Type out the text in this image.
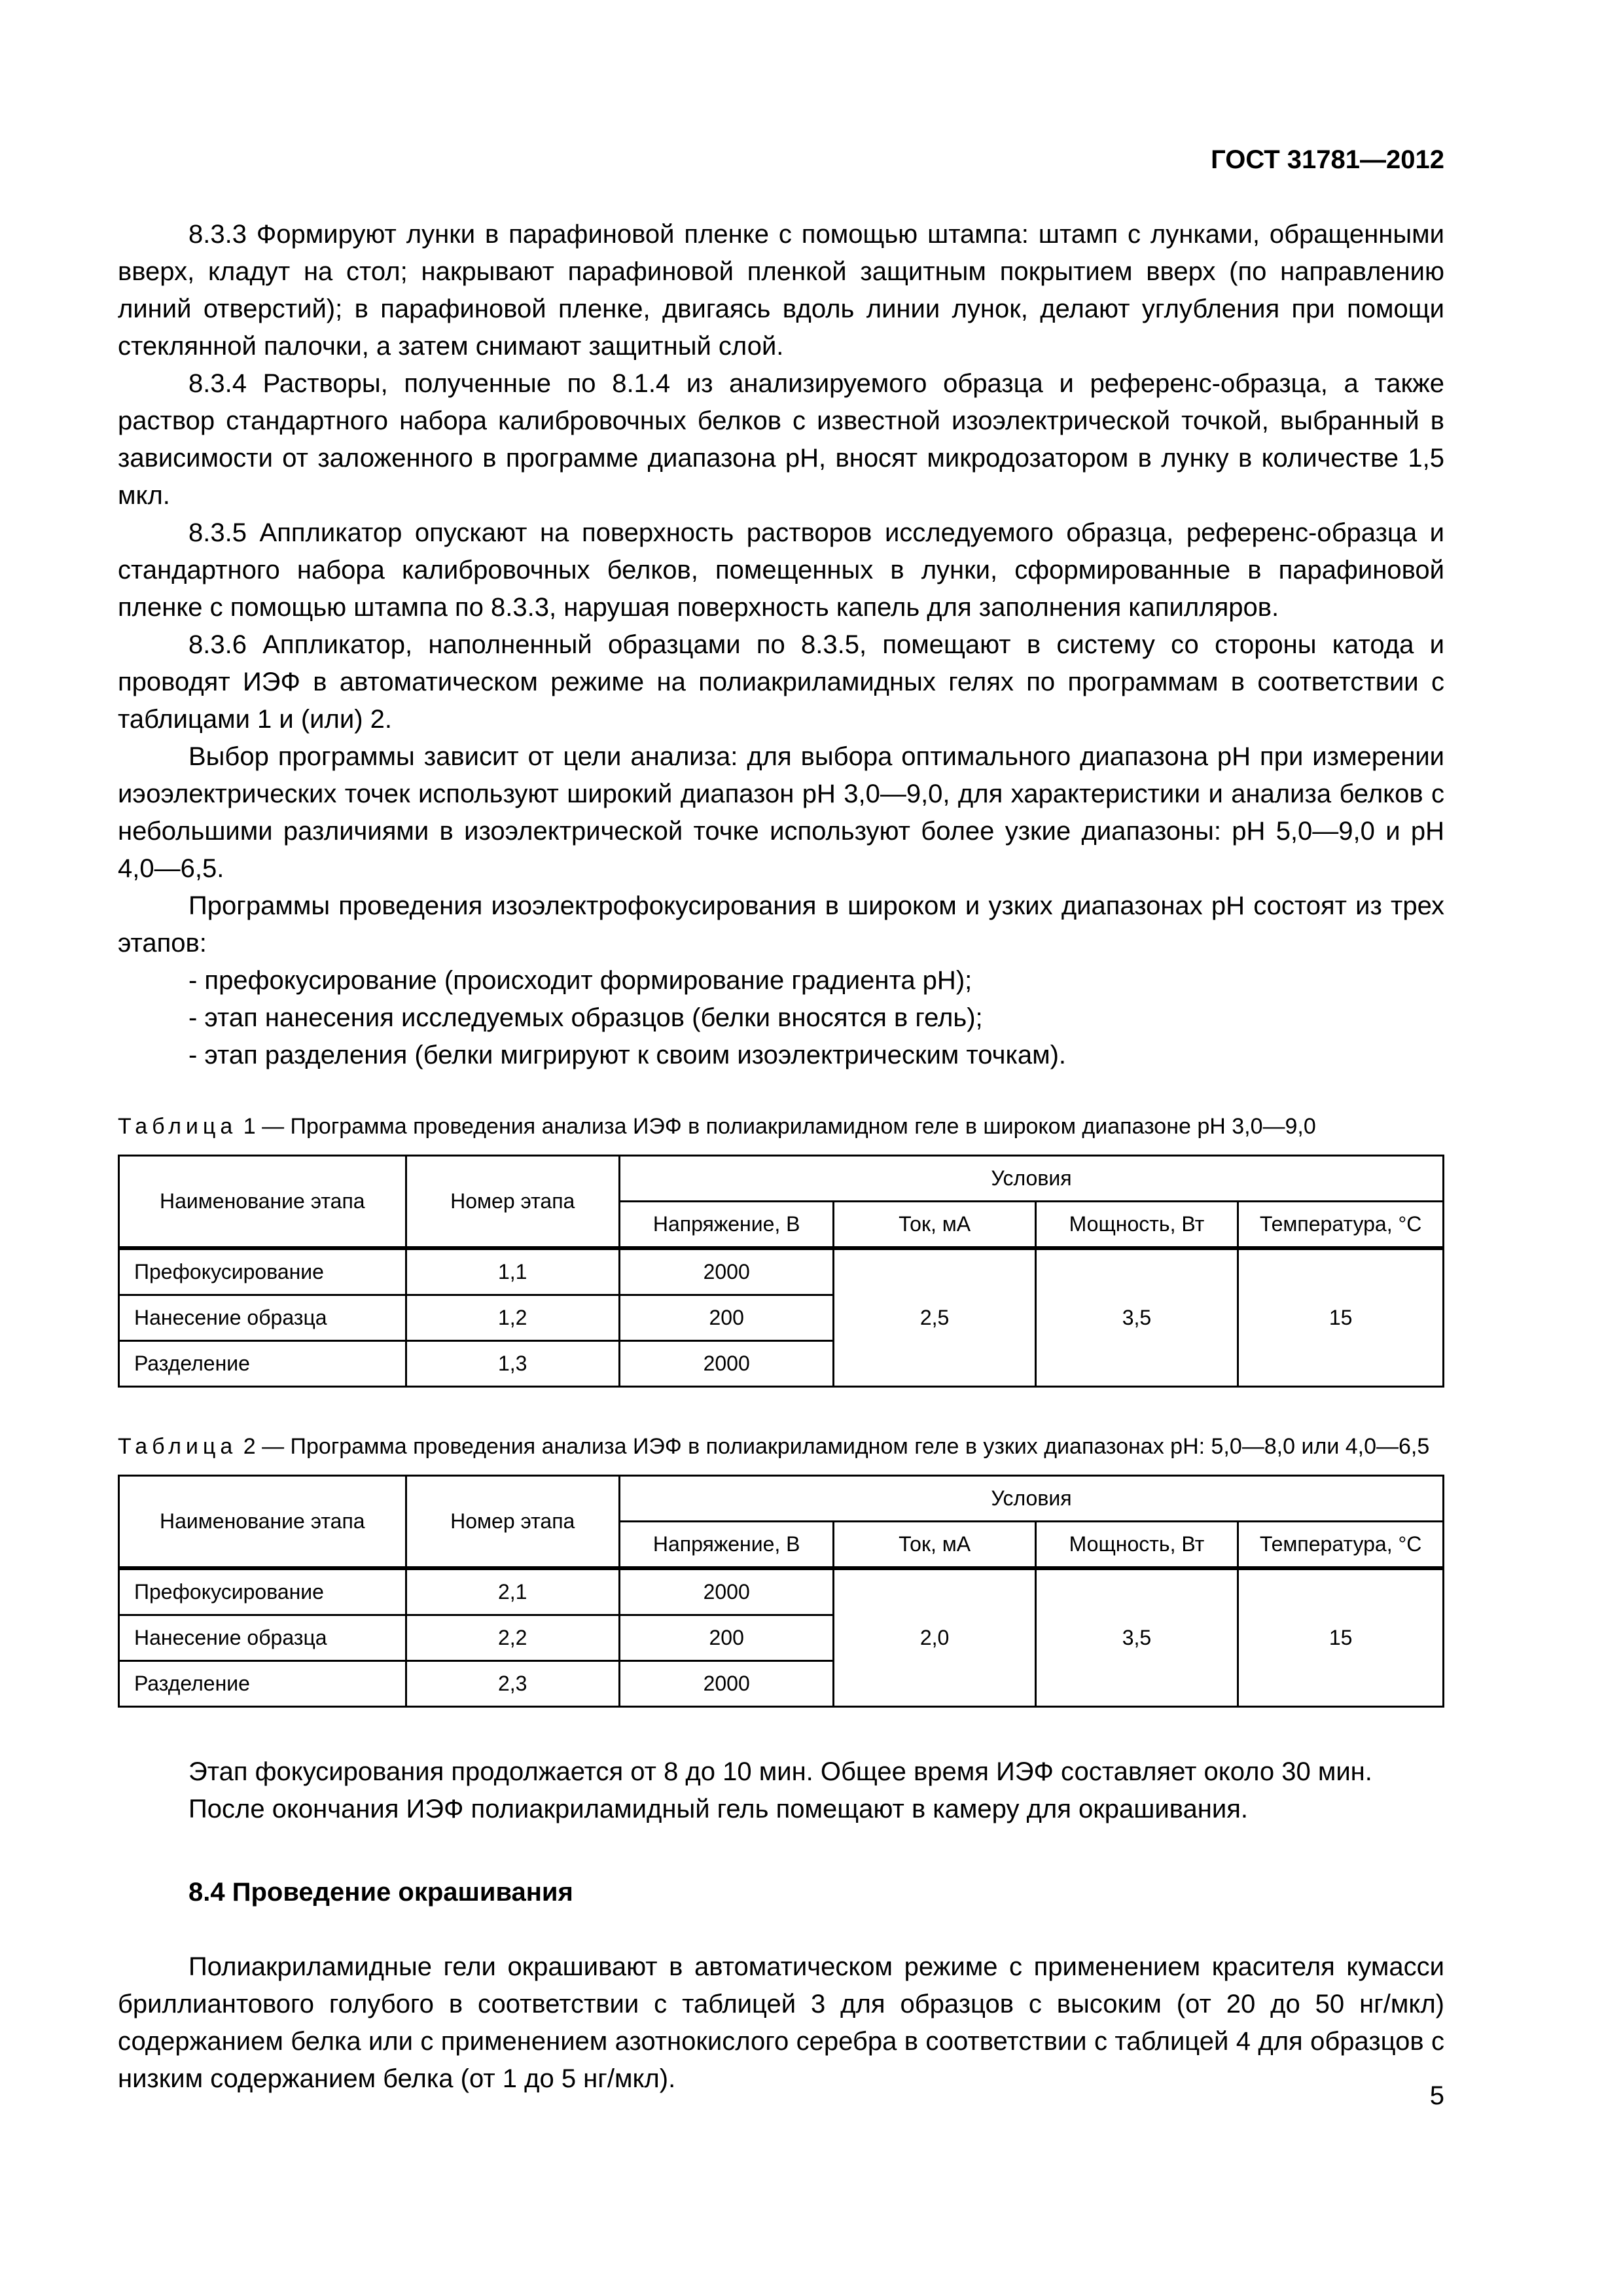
ГОСТ 31781—2012

8.3.3 Формируют лунки в парафиновой пленке с помощью штампа: штамп с лунками, обращенными вверх, кладут на стол; накрывают парафиновой пленкой защитным покрытием вверх (по направлению линий отверстий); в парафиновой пленке, двигаясь вдоль линии лунок, делают углубления при помощи стеклянной палочки, а затем снимают защитный слой.

8.3.4 Растворы, полученные по 8.1.4 из анализируемого образца и референс-образца, а также раствор стандартного набора калибровочных белков с известной изоэлектрической точкой, выбранный в зависимости от заложенного в программе диапазона рН, вносят микродозатором в лунку в количестве 1,5 мкл.

8.3.5 Аппликатор опускают на поверхность растворов исследуемого образца, референс-образца и стандартного набора калибровочных белков, помещенных в лунки, сформированные в парафиновой пленке с помощью штампа по 8.3.3, нарушая поверхность капель для заполнения капилляров.

8.3.6 Аппликатор, наполненный образцами по 8.3.5, помещают в систему со стороны катода и проводят ИЭФ в автоматическом режиме на полиакриламидных гелях по программам в соответствии с таблицами 1 и (или) 2.

Выбор программы зависит от цели анализа: для выбора оптимального диапазона рН при измерении иэоэлектрических точек используют широкий диапазон рН 3,0—9,0, для характеристики и анализа белков с небольшими различиями в изоэлектрической точке используют более узкие диапазоны: рН 5,0—9,0 и рН 4,0—6,5.

Программы проведения изоэлектрофокусирования в широком и узких диапазонах рН состоят из трех этапов:

- префокусирование (происходит формирование градиента рН);

- этап нанесения исследуемых образцов (белки вносятся в гель);

- этап разделения (белки мигрируют к своим изоэлектрическим точкам).

Таблица 1 — Программа проведения анализа ИЭФ в полиакриламидном геле в широком диапазоне рН 3,0—9,0

Наименование этапа	Номер этапа	Условия			
		Напряжение, В	Ток, мА	Мощность, Вт	Температура, °С
Префокусирование	1,1	2000	2,5	3,5	15
Нанесение образца	1,2	200			
Разделение	1,3	2000			

Таблица 2 — Программа проведения анализа ИЭФ в полиакриламидном геле в узких диапазонах рН: 5,0—8,0 или 4,0—6,5

Наименование этапа	Номер этапа	Условия			
		Напряжение, В	Ток, мА	Мощность, Вт	Температура, °С
Префокусирование	2,1	2000	2,0	3,5	15
Нанесение образца	2,2	200			
Разделение	2,3	2000			

Этап фокусирования продолжается от 8 до 10 мин. Общее время ИЭФ составляет около 30 мин.

После окончания ИЭФ полиакриламидный гель помещают в камеру для окрашивания.

8.4 Проведение окрашивания

Полиакриламидные гели окрашивают в автоматическом режиме с применением красителя кумасси бриллиантового голубого в соответствии с таблицей 3 для образцов с высоким (от 20 до 50 нг/мкл) содержанием белка или с применением азотнокислого серебра в соответствии с таблицей 4 для образцов с низким содержанием белка (от 1 до 5 нг/мкл).

5
